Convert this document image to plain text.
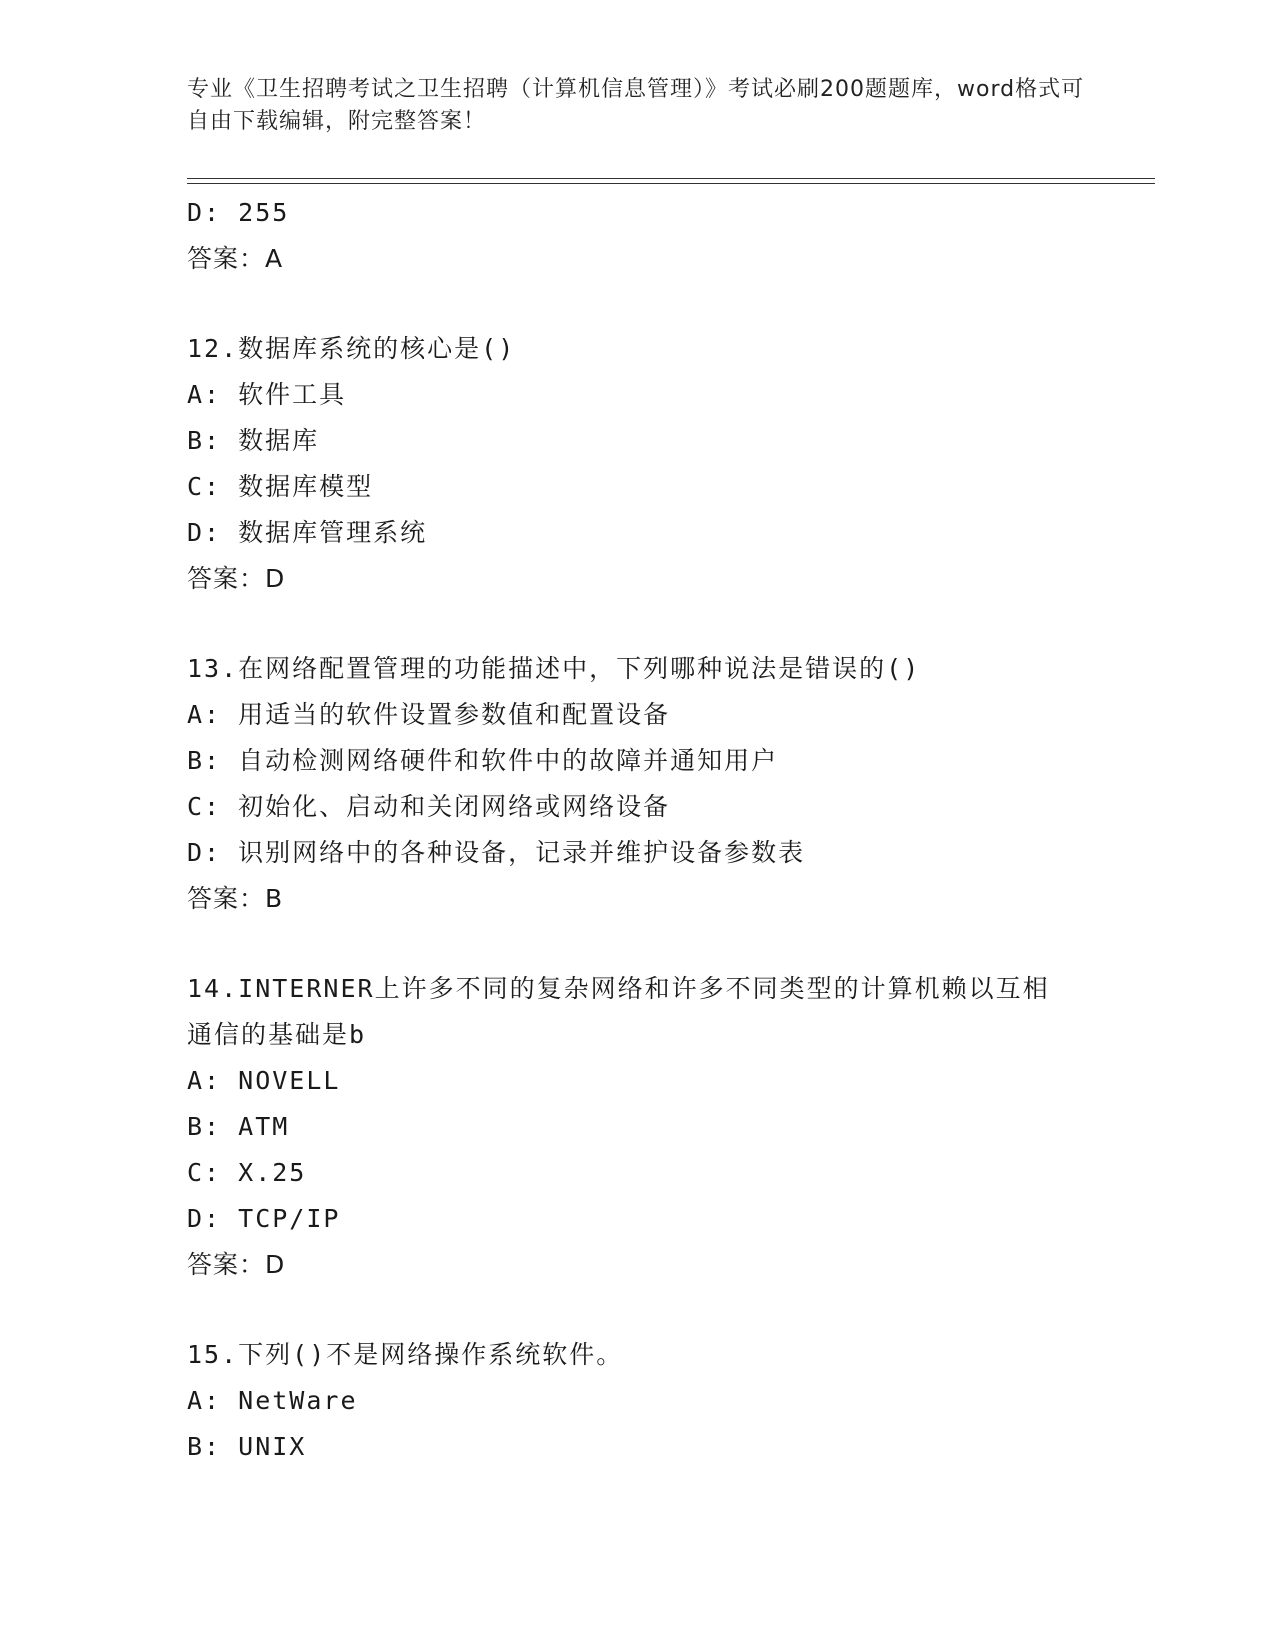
专业《卫生招聘考试之卫生招聘（计算机信息管理）》考试必刷200题题库，word格式可自由下载编辑，附完整答案！
D: 255
答案：A
12.数据库系统的核心是()
A: 软件工具
B: 数据库
C: 数据库模型
D: 数据库管理系统
答案：D
13.在网络配置管理的功能描述中，下列哪种说法是错误的()
A: 用适当的软件设置参数值和配置设备
B: 自动检测网络硬件和软件中的故障并通知用户
C: 初始化、启动和关闭网络或网络设备
D: 识别网络中的各种设备，记录并维护设备参数表
答案：B
14.INTERNER上许多不同的复杂网络和许多不同类型的计算机赖以互相
通信的基础是b
A: NOVELL
B: ATM
C: X.25
D: TCP/IP
答案：D
15.下列()不是网络操作系统软件。
A: NetWare
B: UNIX
